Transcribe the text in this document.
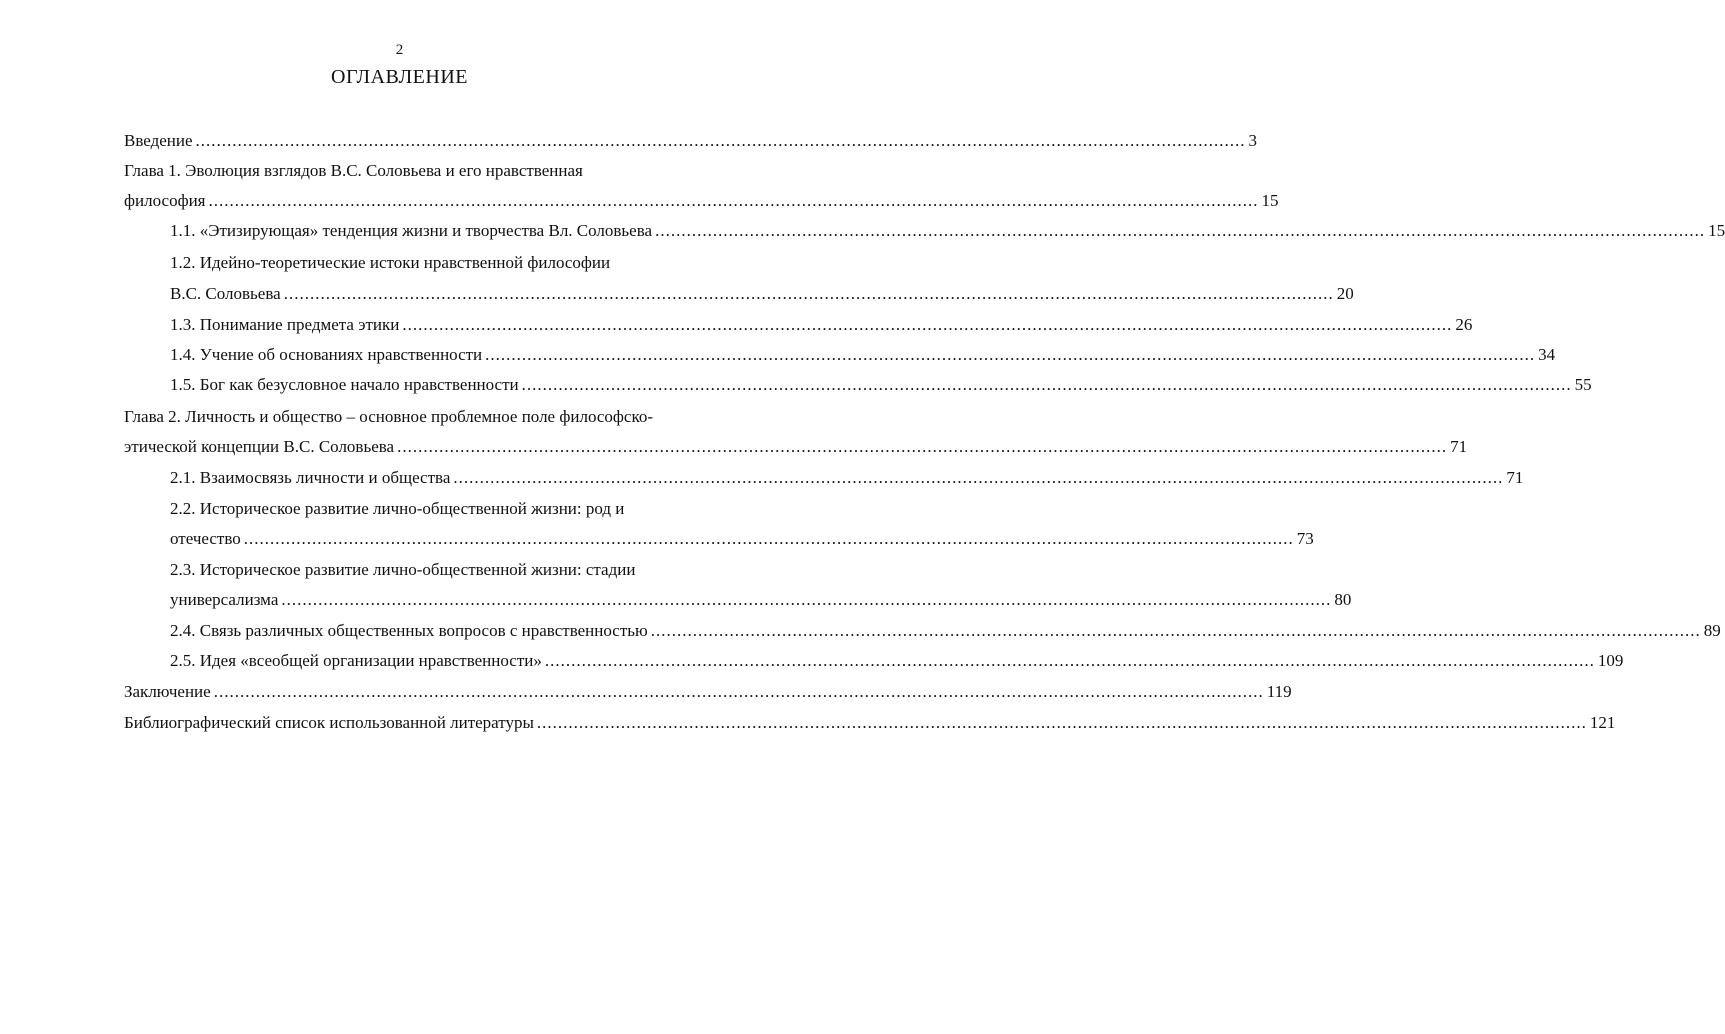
2
ОГЛАВЛЕНИЕ
Введение ........................................................................................................................................................................................................ 3
Глава 1. Эволюция взглядов В.С. Соловьева и его нравственная
философия ........................................................................................................................................................................................................ 15
1.1. «Этизирующая» тенденция жизни и творчества Вл. Соловьева ........................................................................................................................................................................................................ 15
1.2. Идейно-теоретические истоки нравственной философии
В.С. Соловьева ........................................................................................................................................................................................................ 20
1.3. Понимание предмета этики ........................................................................................................................................................................................................ 26
1.4. Учение об основаниях нравственности ........................................................................................................................................................................................................ 34
1.5. Бог как безусловное начало нравственности ........................................................................................................................................................................................................ 55
Глава 2. Личность и общество – основное проблемное поле философско-
этической концепции В.С. Соловьева ........................................................................................................................................................................................................ 71
2.1. Взаимосвязь личности и общества ........................................................................................................................................................................................................ 71
2.2. Историческое развитие лично-общественной жизни: род и
отечество ........................................................................................................................................................................................................ 73
2.3. Историческое развитие лично-общественной жизни: стадии
универсализма ........................................................................................................................................................................................................ 80
2.4. Связь различных общественных вопросов с нравственностью ........................................................................................................................................................................................................ 89
2.5. Идея «всеобщей организации нравственности» ........................................................................................................................................................................................................ 109
Заключение ........................................................................................................................................................................................................ 119
Библиографический список использованной литературы ........................................................................................................................................................................................................ 121
